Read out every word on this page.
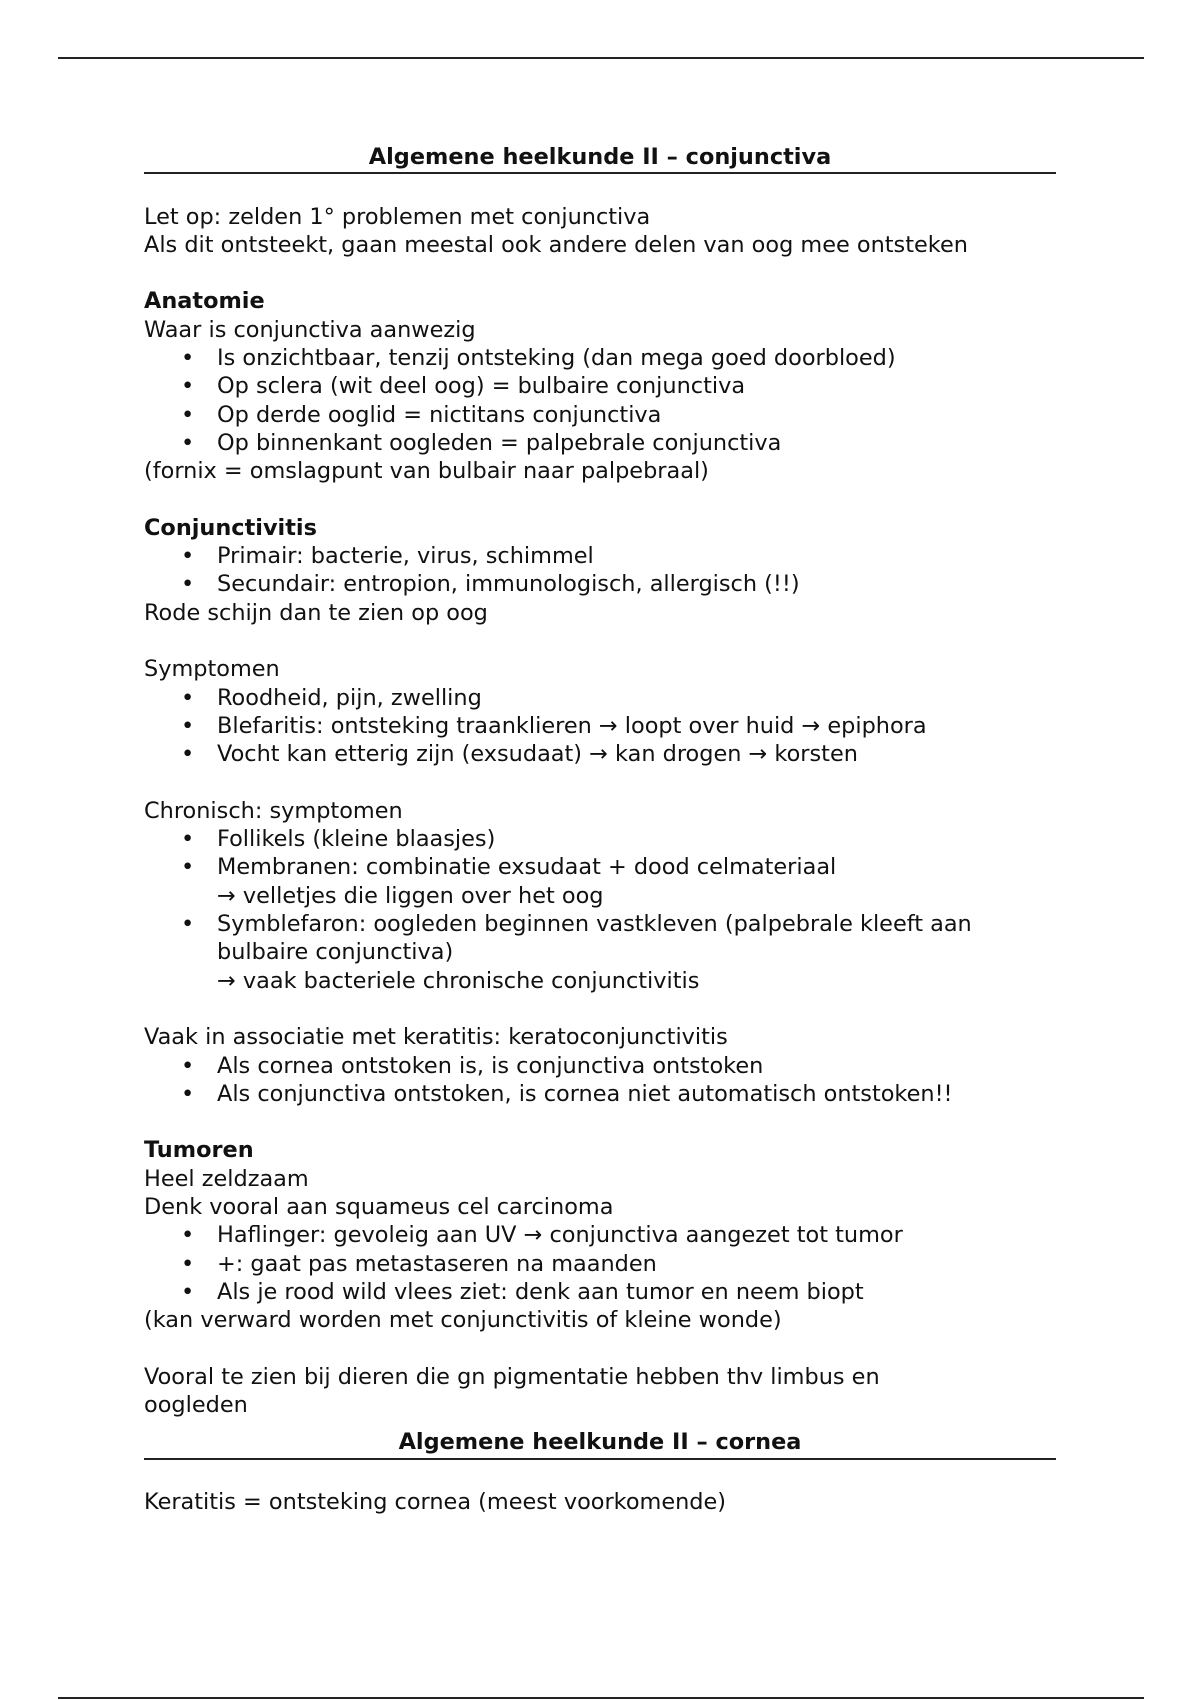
Algemene heelkunde II – conjunctiva

Let op: zelden 1° problemen met conjunctiva

Als dit ontsteekt, gaan meestal ook andere delen van oog mee ontsteken

Anatomie

Waar is conjunctiva aanwezig

• Is onzichtbaar, tenzij ontsteking (dan mega goed doorbloed)
• Op sclera (wit deel oog) = bulbaire conjunctiva
• Op derde ooglid = nictitans conjunctiva
• Op binnenkant oogleden = palpebrale conjunctiva

(fornix = omslagpunt van bulbair naar palpebraal)

Conjunctivitis

• Primair: bacterie, virus, schimmel
• Secundair: entropion, immunologisch, allergisch (!!)

Rode schijn dan te zien op oog

Symptomen

• Roodheid, pijn, zwelling
• Blefaritis: ontsteking traanklieren → loopt over huid → epiphora
• Vocht kan etterig zijn (exsudaat) → kan drogen → korsten

Chronisch: symptomen

• Follikels (kleine blaasjes)
• Membranen: combinatie exsudaat + dood celmateriaal
→ velletjes die liggen over het oog
• Symblefaron: oogleden beginnen vastkleven (palpebrale kleeft aan
bulbaire conjunctiva)
→ vaak bacteriele chronische conjunctivitis

Vaak in associatie met keratitis: keratoconjunctivitis

• Als cornea ontstoken is, is conjunctiva ontstoken
• Als conjunctiva ontstoken, is cornea niet automatisch ontstoken!!

Tumoren

Heel zeldzaam

Denk vooral aan squameus cel carcinoma

• Haflinger: gevoleig aan UV → conjunctiva aangezet tot tumor
• +: gaat pas metastaseren na maanden
• Als je rood wild vlees ziet: denk aan tumor en neem biopt

(kan verward worden met conjunctivitis of kleine wonde)

Vooral te zien bij dieren die gn pigmentatie hebben thv limbus en

oogleden

Algemene heelkunde II – cornea

Keratitis = ontsteking cornea (meest voorkomende)
